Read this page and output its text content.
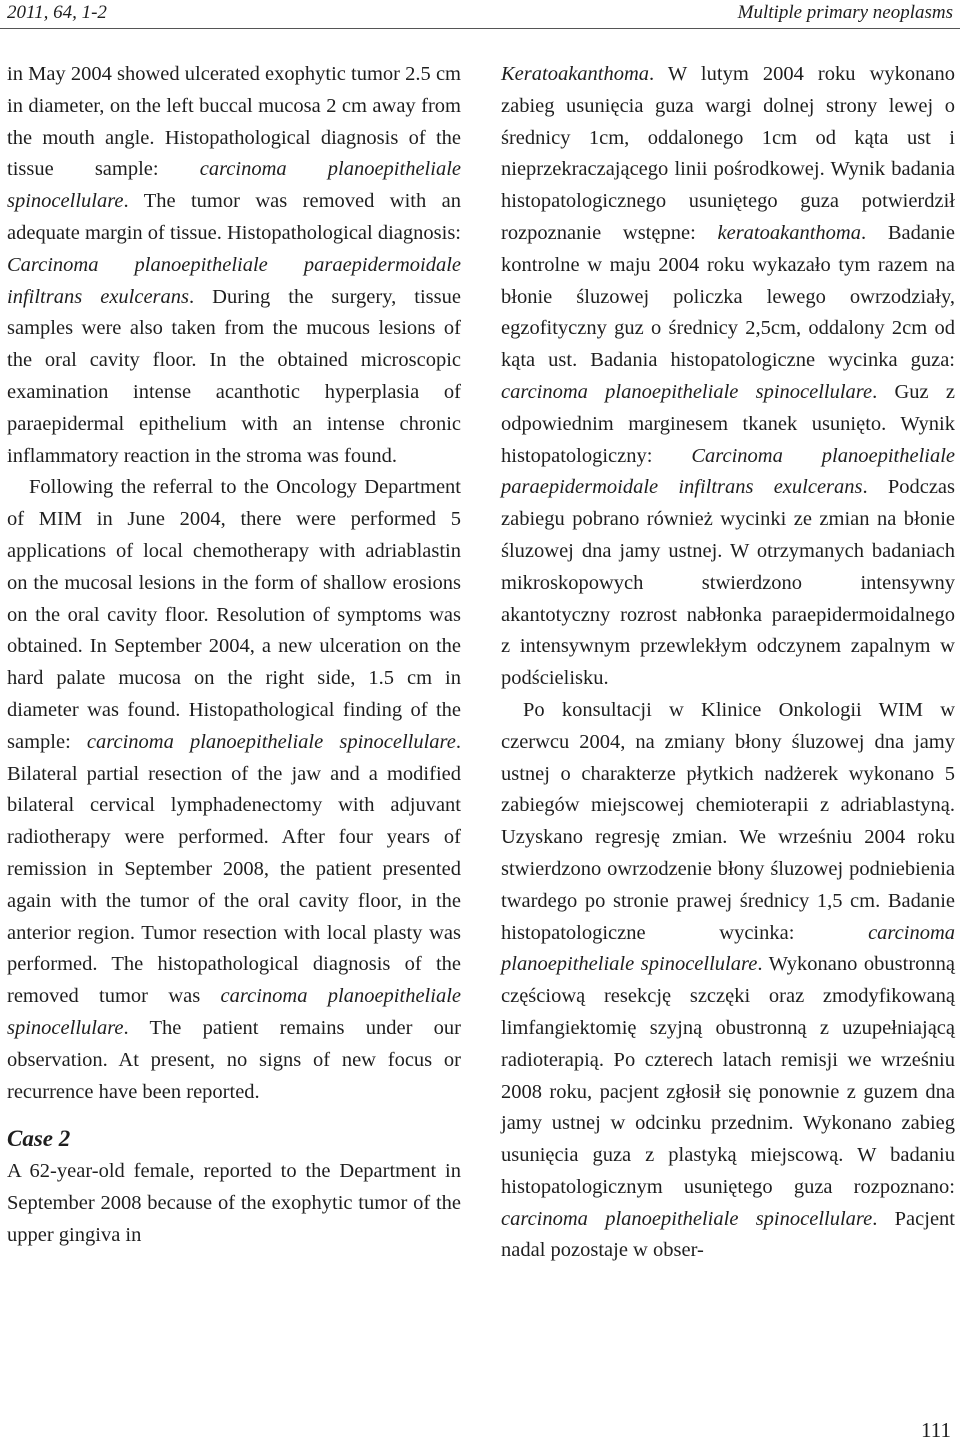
2011, 64, 1-2	Multiple primary neoplasms

in May 2004 showed ulcerated exophytic tumor 2.5 cm in diameter, on the left buccal mucosa 2 cm away from the mouth angle. Histopathological diagnosis of the tissue sample: carcinoma planoepitheliale spinocellulare. The tumor was removed with an adequate margin of tissue. Histopathological diagnosis: Carcinoma planoepitheliale paraepidermoidale infiltrans exulcerans. During the surgery, tissue samples were also taken from the mucous lesions of the oral cavity floor. In the obtained microscopic examination intense acanthotic hyperplasia of paraepidermal epithelium with an intense chronic inflammatory reaction in the stroma was found.

Following the referral to the Oncology Department of MIM in June 2004, there were performed 5 applications of local chemotherapy with adriablastin on the mucosal lesions in the form of shallow erosions on the oral cavity floor. Resolution of symptoms was obtained. In September 2004, a new ulceration on the hard palate mucosa on the right side, 1.5 cm in diameter was found. Histopathological finding of the sample: carcinoma planoepitheliale spinocellulare. Bilateral partial resection of the jaw and a modified bilateral cervical lymphadenectomy with adjuvant radiotherapy were performed. After four years of remission in September 2008, the patient presented again with the tumor of the oral cavity floor, in the anterior region. Tumor resection with local plasty was performed. The histopathological diagnosis of the removed tumor was carcinoma planoepitheliale spinocellulare. The patient remains under our observation. At present, no signs of new focus or recurrence have been reported.

Case 2

A 62-year-old female, reported to the Department in September 2008 because of the exophytic tumor of the upper gingiva in

Keratoakanthoma. W lutym 2004 roku wykonano zabieg usunięcia guza wargi dolnej strony lewej o średnicy 1cm, oddalonego 1cm od kąta ust i nieprzekraczającego linii pośrodkowej. Wynik badania histopatologicznego usuniętego guza potwierdził rozpoznanie wstępne: keratoakanthoma. Badanie kontrolne w maju 2004 roku wykazało tym razem na błonie śluzowej policzka lewego owrzodziały, egzofityczny guz o średnicy 2,5cm, oddalony 2cm od kąta ust. Badania histopatologiczne wycinka guza: carcinoma planoepitheliale spinocellulare. Guz z odpowiednim marginesem tkanek usunięto. Wynik histopatologiczny: Carcinoma planoepitheliale paraepidermoidale infiltrans exulcerans. Podczas zabiegu pobrano również wycinki ze zmian na błonie śluzowej dna jamy ustnej. W otrzymanych badaniach mikroskopowych stwierdzono intensywny akantotyczny rozrost nabłonka paraepidermoidalnego z intensywnym przewlekłym odczynem zapalnym w podścielisku.

Po konsultacji w Klinice Onkologii WIM w czerwcu 2004, na zmiany błony śluzowej dna jamy ustnej o charakterze płytkich nadżerek wykonano 5 zabiegów miejscowej chemioterapii z adriablastyną. Uzyskano regresję zmian. We wrześniu 2004 roku stwierdzono owrzodzenie błony śluzowej podniebienia twardego po stronie prawej średnicy 1,5 cm. Badanie histopatologiczne wycinka: carcinoma planoepitheliale spinocellulare. Wykonano obustronną częściową resekcję szczęki oraz zmodyfikowaną limfangiektomię szyjną obustronną z uzupełniającą radioterapią. Po czterech latach remisji we wrześniu 2008 roku, pacjent zgłosił się ponownie z guzem dna jamy ustnej w odcinku przednim. Wykonano zabieg usunięcia guza z plastyką miejscową. W badaniu histopatologicznym usuniętego guza rozpoznano: carcinoma planoepitheliale spinocellulare. Pacjent nadal pozostaje w obser-

111
